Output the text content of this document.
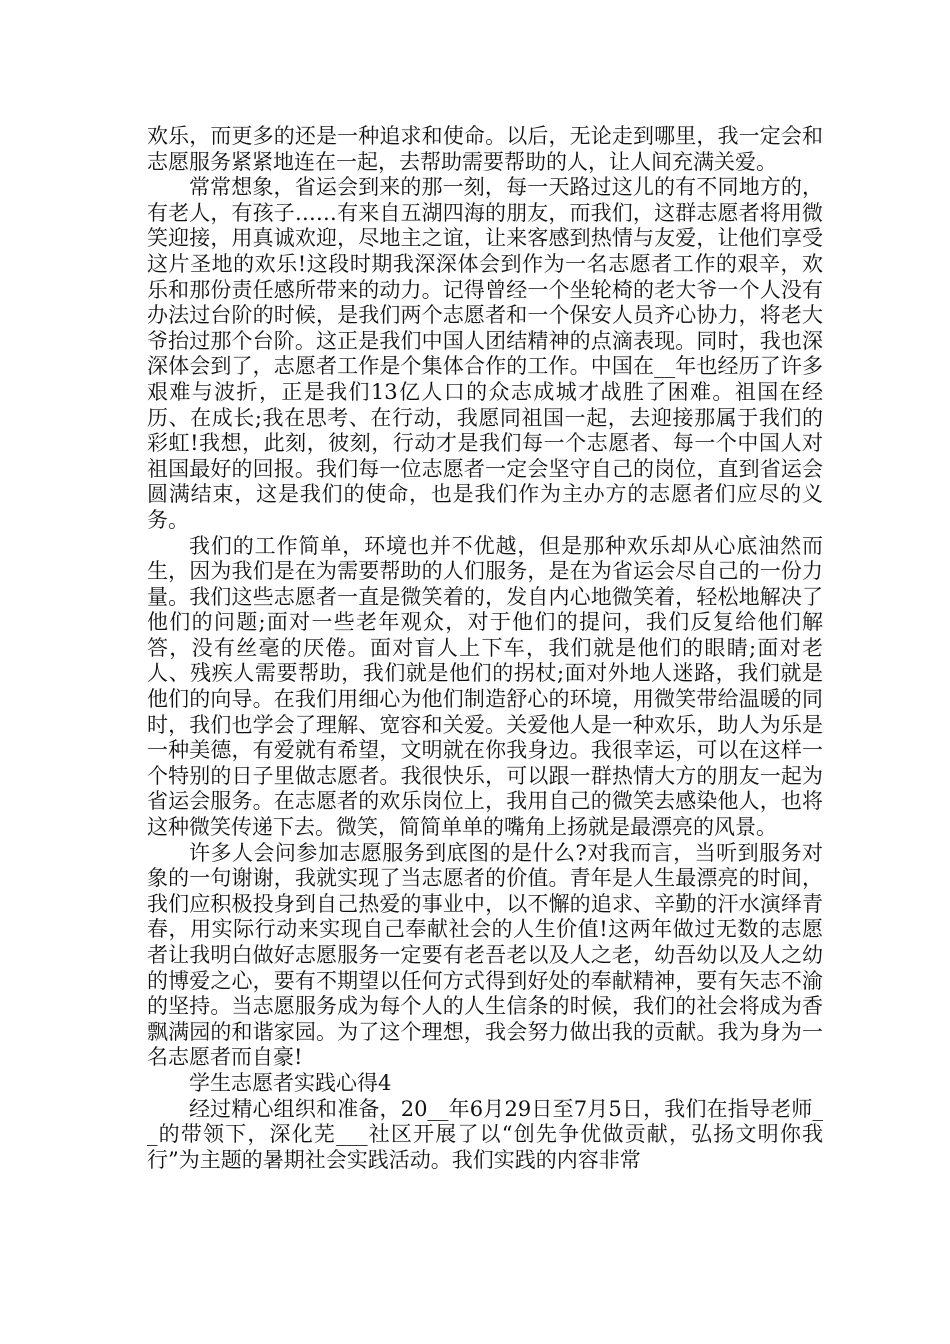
欢乐，而更多的还是一种追求和使命。以后，无论走到哪里，我一定会和志愿服务紧紧地连在一起，去帮助需要帮助的人，让人间充满关爱。

常常想象，省运会到来的那一刻，每一天路过这儿的有不同地方的，有老人，有孩子……有来自五湖四海的朋友，而我们，这群志愿者将用微笑迎接，用真诚欢迎，尽地主之谊，让来客感到热情与友爱，让他们享受这片圣地的欢乐!这段时期我深深体会到作为一名志愿者工作的艰辛，欢乐和那份责任感所带来的动力。记得曾经一个坐轮椅的老大爷一个人没有办法过台阶的时候，是我们两个志愿者和一个保安人员齐心协力，将老大爷抬过那个台阶。这正是我们中国人团结精神的点滴表现。同时，我也深深体会到了，志愿者工作是个集体合作的工作。中国在__年也经历了许多艰难与波折，正是我们13亿人口的众志成城才战胜了困难。祖国在经历、在成长;我在思考、在行动，我愿同祖国一起，去迎接那属于我们的彩虹!我想，此刻，彼刻，行动才是我们每一个志愿者、每一个中国人对祖国最好的回报。我们每一位志愿者一定会坚守自己的岗位，直到省运会圆满结束，这是我们的使命，也是我们作为主办方的志愿者们应尽的义务。

我们的工作简单，环境也并不优越，但是那种欢乐却从心底油然而生，因为我们是在为需要帮助的人们服务，是在为省运会尽自己的一份力量。我们这些志愿者一直是微笑着的，发自内心地微笑着，轻松地解决了他们的问题;面对一些老年观众，对于他们的提问，我们反复给他们解答，没有丝毫的厌倦。面对盲人上下车，我们就是他们的眼睛;面对老人、残疾人需要帮助，我们就是他们的拐杖;面对外地人迷路，我们就是他们的向导。在我们用细心为他们制造舒心的环境，用微笑带给温暖的同时，我们也学会了理解、宽容和关爱。关爱他人是一种欢乐，助人为乐是一种美德，有爱就有希望，文明就在你我身边。我很幸运，可以在这样一个特别的日子里做志愿者。我很快乐，可以跟一群热情大方的朋友一起为省运会服务。在志愿者的欢乐岗位上，我用自己的微笑去感染他人，也将这种微笑传递下去。微笑，简简单单的嘴角上扬就是最漂亮的风景。

许多人会问参加志愿服务到底图的是什么?对我而言，当听到服务对象的一句谢谢，我就实现了当志愿者的价值。青年是人生最漂亮的时间，我们应积极投身到自己热爱的事业中，以不懈的追求、辛勤的汗水演绎青春，用实际行动来实现自己奉献社会的人生价值!这两年做过无数的志愿者让我明白做好志愿服务一定要有老吾老以及人之老，幼吾幼以及人之幼的博爱之心，要有不期望以任何方式得到好处的奉献精神，要有矢志不渝的坚持。当志愿服务成为每个人的人生信条的时候，我们的社会将成为香飘满园的和谐家园。为了这个理想，我会努力做出我的贡献。我为身为一名志愿者而自豪!

学生志愿者实践心得4

经过精心组织和准备，20__年6月29日至7月5日，我们在指导老师__的带领下，深化芜___社区开展了以“创先争优做贡献，弘扬文明你我行”为主题的暑期社会实践活动。我们实践的内容非常
